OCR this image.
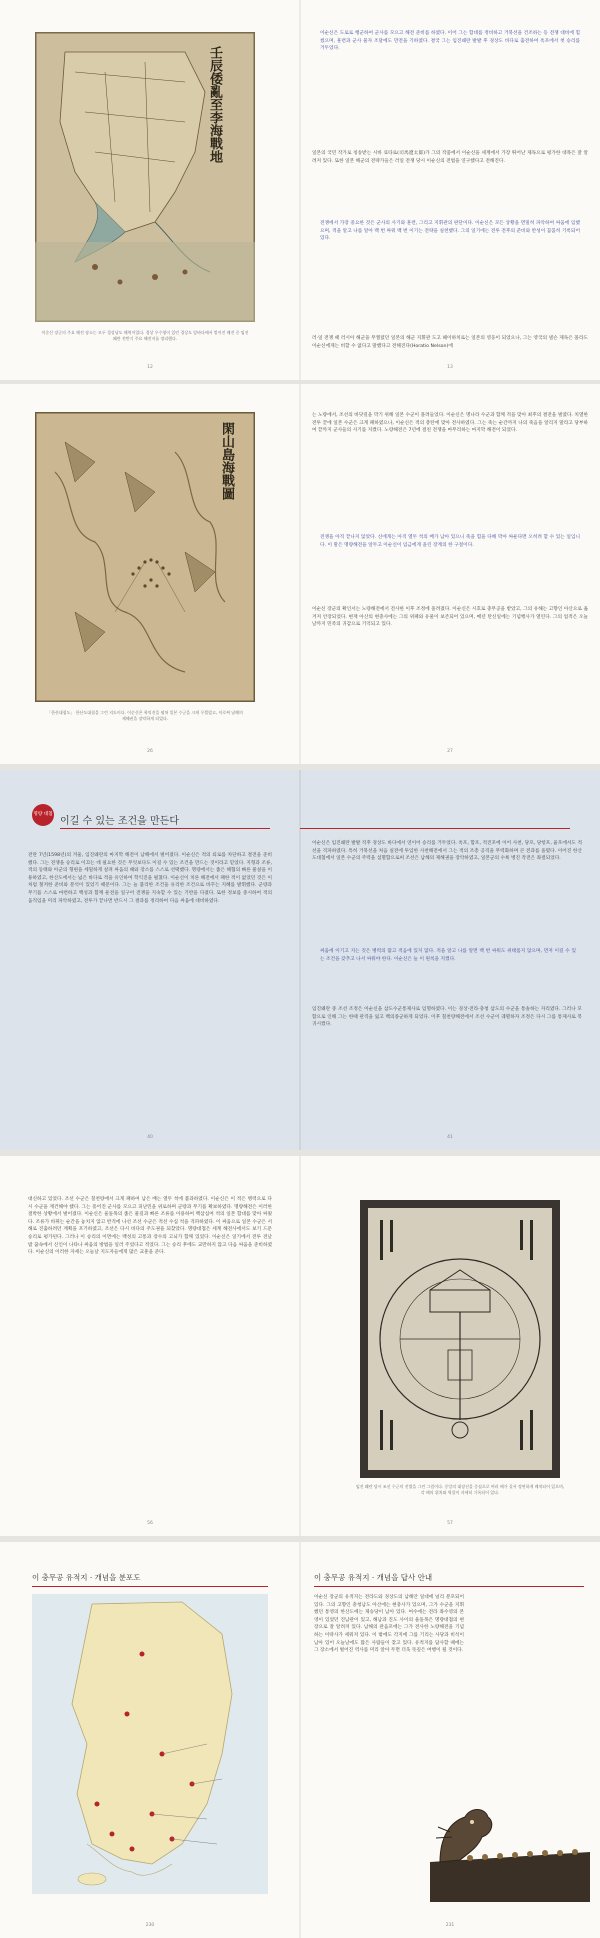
壬辰倭亂至李海戰地
이순신 장군의 주요 해전 장소는 모두 경상남도 해역이었다. 경상 우수영이 있던 경상도 앞바다에서 벌어진 해전 중 임진왜란 전반기 주요 해전지를 정리했다.
12
이순신은 도로로 행군하여 군사를 모으고 해전 준비를 하였다. 이어 그는 함대를 정비하고 거북선을 건조하는 등 전쟁 대비에 힘썼으며, 훈련과 군사 물자 조달에도 만전을 기하였다. 결국 그는 임진왜란 발발 후 경상도 바다로 출전하여 옥포에서 첫 승리를 거두었다.
일본의 국민 작가로 칭송받는 시바 료타로(司馬遼太郞)가 그의 작품에서 이순신을 세계에서 가장 뛰어난 제독으로 평가한 대목은 잘 알려져 있다. 또한 일본 해군의 전략가들은 러일 전쟁 당시 이순신의 전법을 연구했다고 전해진다.
전쟁에서 가장 중요한 것은 군사의 사기와 훈련, 그리고 지휘관의 판단이다. 이순신은 모든 상황을 면밀히 파악하여 싸움에 임했으며, 적을 알고 나를 알아 백 번 싸워 백 번 이기는 전략을 실천했다. 그의 일기에는 전투 전후의 준비와 반성이 꼼꼼히 기록되어 있다.
러·일 전쟁 때 러시아 해군을 무찔렀던 일본의 해군 지휘관 도고 헤이하치로는 일본의 영웅이 되었으나, 그는 영국의 넬슨 제독은 몰라도 이순신에게는 비할 수 없다고 말했다고 전해진다(Horatio Nelson)에
13
閑山島海戰圖
「한산대첩도」 한산도대첩을 그린 지도이다. 이순신은 학익진을 펼쳐 일본 수군을 크게 무찔렀고, 이로써 남해의 제해권을 장악하게 되었다.
26
는 노량에서, 조선의 바닷길을 막기 위해 일본 수군이 몰려들었다. 이순신은 명나라 수군과 함께 적을 맞아 최후의 결전을 벌였다. 치열한 전투 끝에 일본 수군은 크게 패하였으나, 이순신은 적의 총탄에 맞아 전사하였다. 그는 죽는 순간까지 나의 죽음을 알리지 말라고 당부하여 끝까지 군사들의 사기를 지켰다. 노량해전은 7년에 걸친 전쟁을 마무리하는 마지막 해전이 되었다.
전쟁을 아직 끝나지 않았다. 신에게는 아직 열두 척의 배가 남아 있으니 죽을 힘을 다해 막아 싸운다면 오히려 할 수 있는 일입니다. 이 말은 명량해전을 앞두고 이순신이 임금에게 올린 장계의 한 구절이다.
이순신 장군의 확인서는 노량해전에서 전사한 이후 조정에 올려졌다. 이순신은 시호로 충무공을 받았고, 그의 유해는 고향인 아산으로 옮겨져 안장되었다. 현재 아산의 현충사에는 그의 위패와 유물이 보존되어 있으며, 매년 탄신일에는 기념행사가 열린다. 그의 업적은 오늘날까지 민족의 귀감으로 기억되고 있다.
27
명량 대첩
이길 수 있는 조건을 만든다
전란 7년(1598년)의 겨울, 임진왜란의 마지막 해전이 남해에서 벌어졌다. 이순신은 적의 퇴로를 차단하고 결전을 준비했다. 그는 전쟁을 승리로 이끄는 데 필요한 것은 무엇보다도 이길 수 있는 조건을 만드는 것이라고 믿었다. 지형과 조류, 적의 동태와 아군의 형편을 세밀하게 살펴 싸움의 때와 장소를 스스로 선택했다. 명량에서는 좁은 해협의 빠른 물살을 이용하였고, 한산도에서는 넓은 바다로 적을 유인하여 학익진을 펼쳤다. 이순신이 치른 해전에서 패한 적이 없었던 것은 이처럼 철저한 준비와 분석이 있었기 때문이다. 그는 늘 불리한 조건을 유리한 조건으로 바꾸는 지혜를 발휘했다. 군량과 무기를 스스로 마련하고 백성과 함께 둔전을 일구어 전쟁을 지속할 수 있는 기반을 다졌다. 또한 정보를 중시하여 적의 움직임을 미리 파악하였고, 전투가 끝나면 반드시 그 결과를 정리하여 다음 싸움에 대비하였다.
40
이순신은 임진왜란 발발 직후 경상도 바다에서 연이어 승리를 거두었다. 옥포, 합포, 적진포에 이어 사천, 당포, 당항포, 율포에서도 적선을 격파하였다. 특히 거북선을 처음 실전에 투입한 사천해전에서 그는 적의 조총 공격을 무력화하며 큰 전과를 올렸다. 이어진 한산도대첩에서 일본 수군의 주력을 섬멸함으로써 조선은 남해의 제해권을 장악하였고, 일본군의 수륙 병진 작전은 좌절되었다.
싸움에 이기고 지는 것은 병력의 많고 적음에 있지 않다. 적을 알고 나를 알면 백 번 싸워도 위태롭지 않으며, 먼저 이길 수 있는 조건을 갖추고 나서 싸워야 한다. 이순신은 늘 이 원칙을 지켰다.
임진왜란 중 조선 조정은 이순신을 삼도수군통제사로 임명하였다. 이는 경상·전라·충청 삼도의 수군을 통솔하는 자리였다. 그러나 모함으로 인해 그는 한때 관직을 잃고 백의종군하게 되었다. 이후 칠천량해전에서 조선 수군이 궤멸하자 조정은 다시 그를 통제사로 복귀시켰다.
41
대신하고 있었다. 조선 수군은 칠천량에서 크게 패하여 남은 배는 열두 척에 불과하였다. 이순신은 이 적은 병력으로 다시 수군을 재건해야 했다. 그는 흩어진 군사를 모으고 피난민을 위로하며 군량과 무기를 확보하였다. 명량해전은 이러한 절박한 상황에서 벌어졌다. 이순신은 울돌목의 좁은 물길과 빠른 조류를 이용하여 백삼십여 척의 일본 함대를 맞아 싸웠다. 조류가 바뀌는 순간을 놓치지 않고 반격에 나선 조선 수군은 적선 수십 척을 격파하였다. 이 싸움으로 일본 수군은 서해로 진출하려던 계획을 포기하였고, 조선은 다시 바다의 주도권을 되찾았다. 명량대첩은 세계 해전사에서도 보기 드문 승리로 평가된다. 그러나 이 승리의 이면에는 백성의 고통과 장수의 고뇌가 함께 있었다. 이순신은 일기에서 전투 전날 밤 꿈속에서 신인이 나타나 싸움의 방법을 일러 주었다고 적었다. 그는 승리 후에도 교만하지 않고 다음 싸움을 준비하였다. 이순신의 이러한 자세는 오늘날 지도자들에게 많은 교훈을 준다.
56
임진 왜란 당시 조선 수군의 진법을 그린 그림이다. 중앙의 대장선을 중심으로 여러 배가 질서 정연하게 배치되어 있으며, 각 배의 위치와 역할이 자세히 기록되어 있다.
57
이 충무공 유적지 · 개념을 분포도
230
이 충무공 유적지 · 개념을 답사 안내
이순신 장군의 유적지는 전라도와 경상도의 남해안 일대에 널리 분포되어 있다. 그의 고향인 충청남도 아산에는 현충사가 있으며, 그가 수군을 지휘했던 통영의 한산도에는 제승당이 남아 있다. 여수에는 전라 좌수영의 본영이 있었던 진남관이 있고, 해남과 진도 사이의 울돌목은 명량대첩의 현장으로 잘 알려져 있다. 남해의 관음포에는 그가 전사한 노량해전을 기념하는 이락사가 세워져 있다. 이 밖에도 각지에 그를 기리는 사당과 비석이 남아 있어 오늘날에도 많은 사람들이 찾고 있다. 유적지를 답사할 때에는 그 장소에서 벌어진 역사를 미리 알아 두면 더욱 뜻깊은 여행이 될 것이다.
231
